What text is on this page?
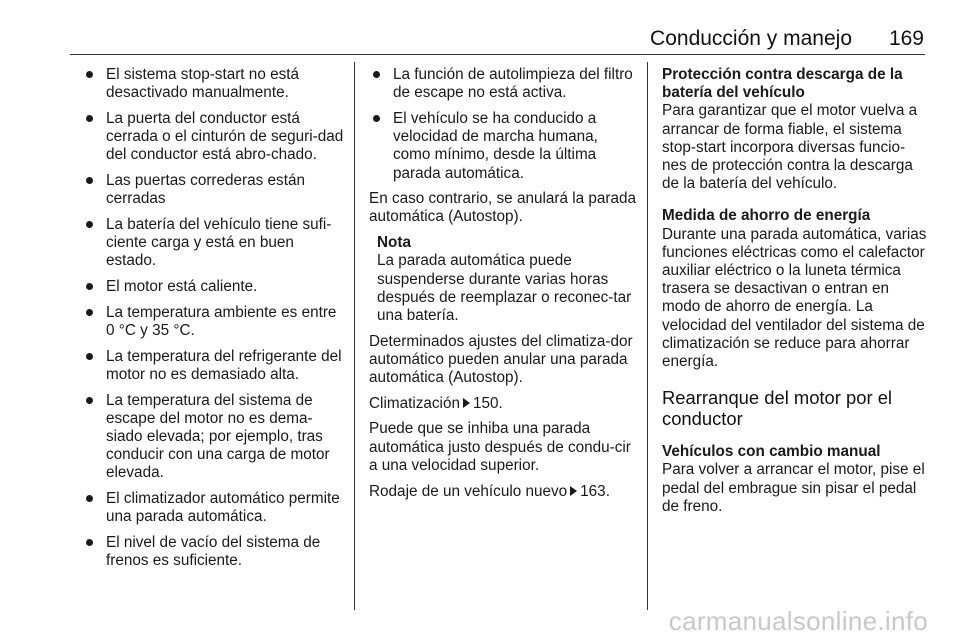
Conducción y manejo 169
El sistema stop-start no está desactivado manualmente.
La puerta del conductor está cerrada o el cinturón de seguri-dad del conductor está abro-chado.
Las puertas correderas están cerradas
La batería del vehículo tiene sufi-ciente carga y está en buen estado.
El motor está caliente.
La temperatura ambiente es entre 0 °C y 35 °C.
La temperatura del refrigerante del motor no es demasiado alta.
La temperatura del sistema de escape del motor no es dema-siado elevada; por ejemplo, tras conducir con una carga de motor elevada.
El climatizador automático permite una parada automática.
El nivel de vacío del sistema de frenos es suficiente.
La función de autolimpieza del filtro de escape no está activa.
El vehículo se ha conducido a velocidad de marcha humana, como mínimo, desde la última parada automática.

En caso contrario, se anulará la parada automática (Autostop).

Nota

La parada automática puede suspenderse durante varias horas después de reemplazar o reconec-tar una batería.

Determinados ajustes del climatiza-dor automático pueden anular una parada automática (Autostop).

Climatización 150.

Puede que se inhiba una parada automática justo después de condu-cir a una velocidad superior.

Rodaje de un vehículo nuevo 163.

Protección contra descarga de la batería del vehículo

Para garantizar que el motor vuelva a arrancar de forma fiable, el sistema stop-start incorpora diversas funcio-nes de protección contra la descarga de la batería del vehículo.

Medida de ahorro de energía

Durante una parada automática, varias funciones eléctricas como el calefactor auxiliar eléctrico o la luneta térmica trasera se desactivan o entran en modo de ahorro de energía. La velocidad del ventilador del sistema de climatización se reduce para ahorrar energía.

Rearranque del motor por el conductor

Vehículos con cambio manual

Para volver a arrancar el motor, pise el pedal del embrague sin pisar el pedal de freno.

carmanualsonline.info
